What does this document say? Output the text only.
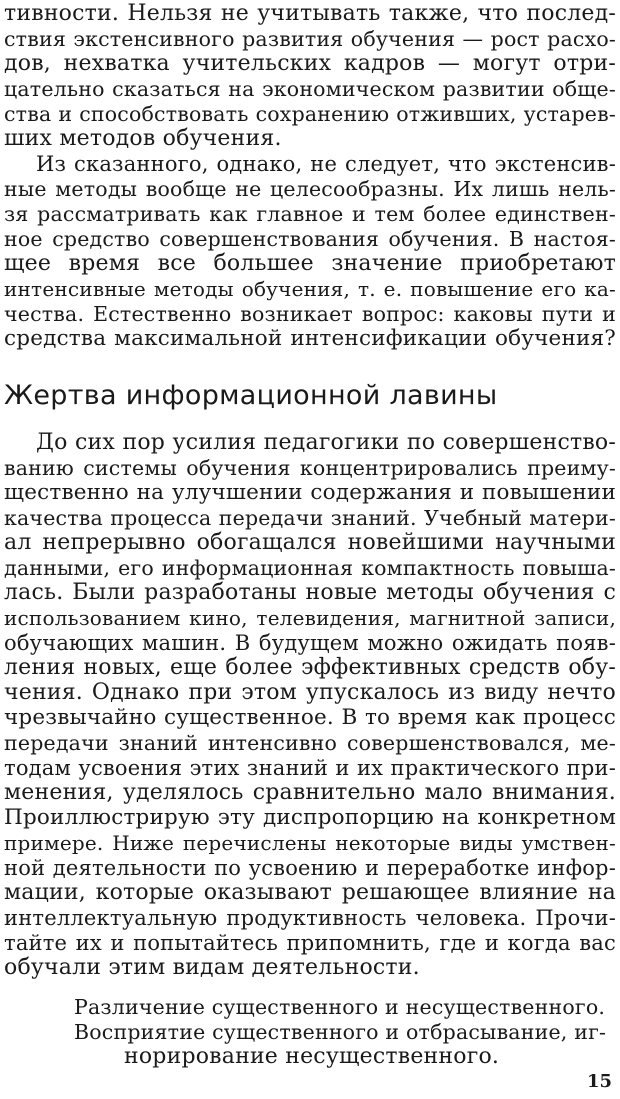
тивности. Нельзя не учитывать также, что послед-
ствия экстенсивного развития обучения — рост расхо-
дов, нехватка учительских кадров — могут отри-
цательно сказаться на экономическом развитии обще-
ства и способствовать сохранению отживших, устарев-
ших методов обучения.
Из сказанного, однако, не следует, что экстенсив-
ные методы вообще не целесообразны. Их лишь нель-
зя рассматривать как главное и тем более единствен-
ное средство совершенствования обучения. В настоя-
щее время все большее значение приобретают
интенсивные методы обучения, т. е. повышение его ка-
чества. Естественно возникает вопрос: каковы пути и
средства максимальной интенсификации обучения?
Жертва информационной лавины
До сих пор усилия педагогики по совершенство-
ванию системы обучения концентрировались преиму-
щественно на улучшении содержания и повышении
качества процесса передачи знаний. Учебный матери-
ал непрерывно обогащался новейшими научными
данными, его информационная компактность повыша-
лась. Были разработаны новые методы обучения с
использованием кино, телевидения, магнитной записи,
обучающих машин. В будущем можно ожидать появ-
ления новых, еще более эффективных средств обу-
чения. Однако при этом упускалось из виду нечто
чрезвычайно существенное. В то время как процесс
передачи знаний интенсивно совершенствовался, ме-
тодам усвоения этих знаний и их практического при-
менения, уделялось сравнительно мало внимания.
Проиллюстрирую эту диспропорцию на конкретном
примере. Ниже перечислены некоторые виды умствен-
ной деятельности по усвоению и переработке инфор-
мации, которые оказывают решающее влияние на
интеллектуальную продуктивность человека. Прочи-
тайте их и попытайтесь припомнить, где и когда вас
обучали этим видам деятельности.
Различение существенного и несущественного.
Восприятие существенного и отбрасывание, иг-
норирование несущественного.
15
